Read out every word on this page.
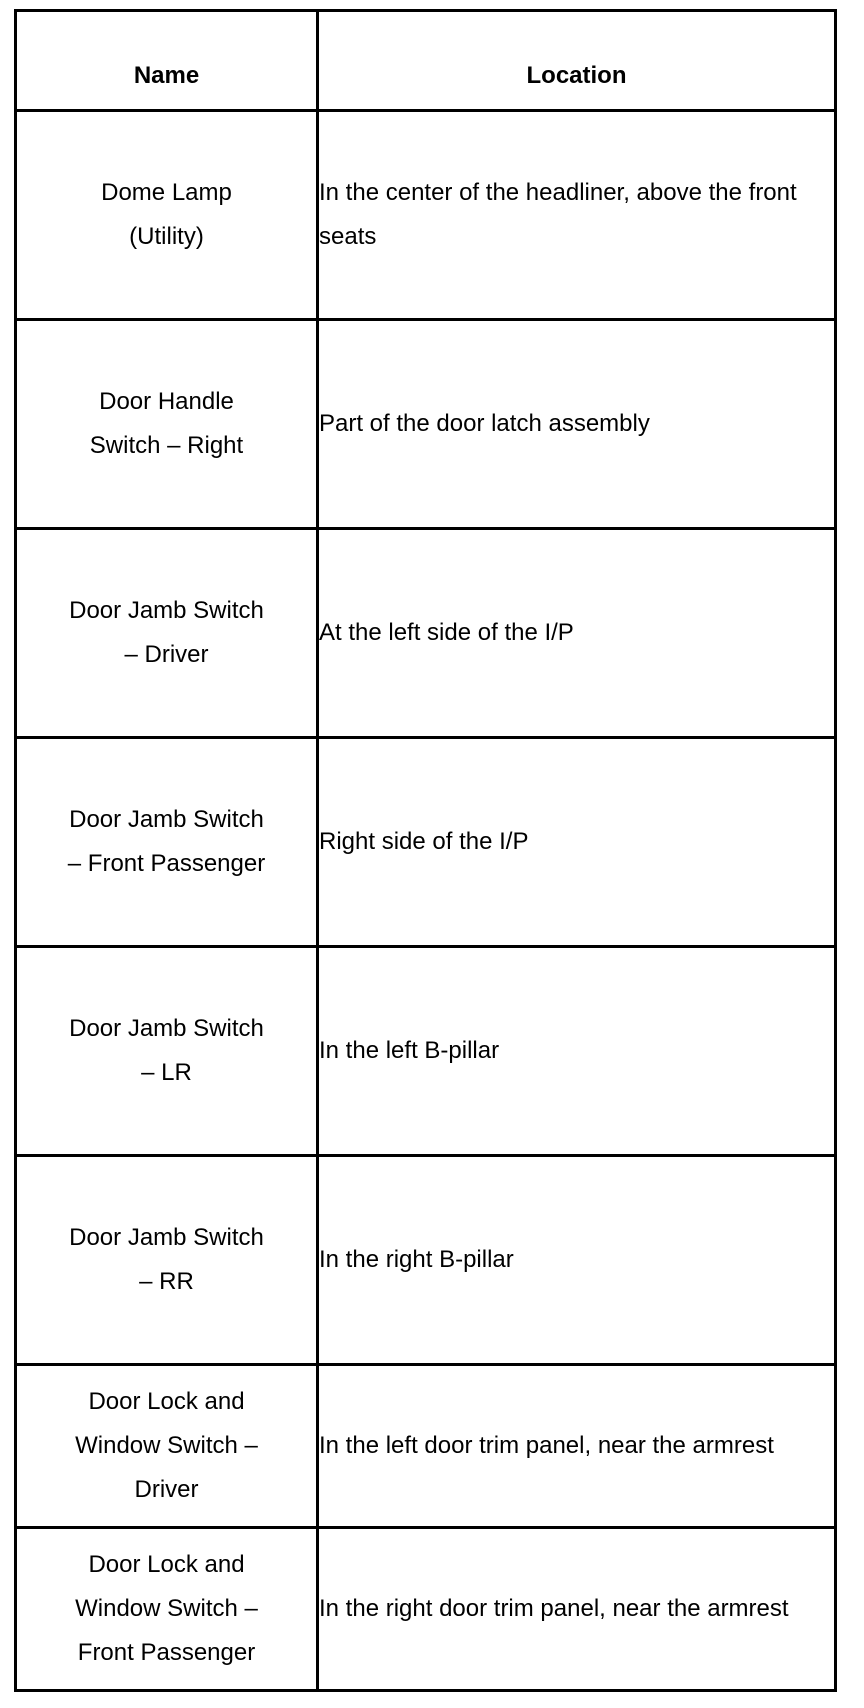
Name	Location

Dome Lamp
(Utility)	In the center of the headliner, above the front seats

Door Handle
Switch – Right	Part of the door latch assembly

Door Jamb Switch
– Driver	At the left side of the I/P

Door Jamb Switch
– Front Passenger	Right side of the I/P

Door Jamb Switch
– LR	In the left B-pillar

Door Jamb Switch
– RR	In the right B-pillar

Door Lock and
Window Switch –
Driver	In the left door trim panel, near the armrest

Door Lock and
Window Switch –
Front Passenger	In the right door trim panel, near the armrest
